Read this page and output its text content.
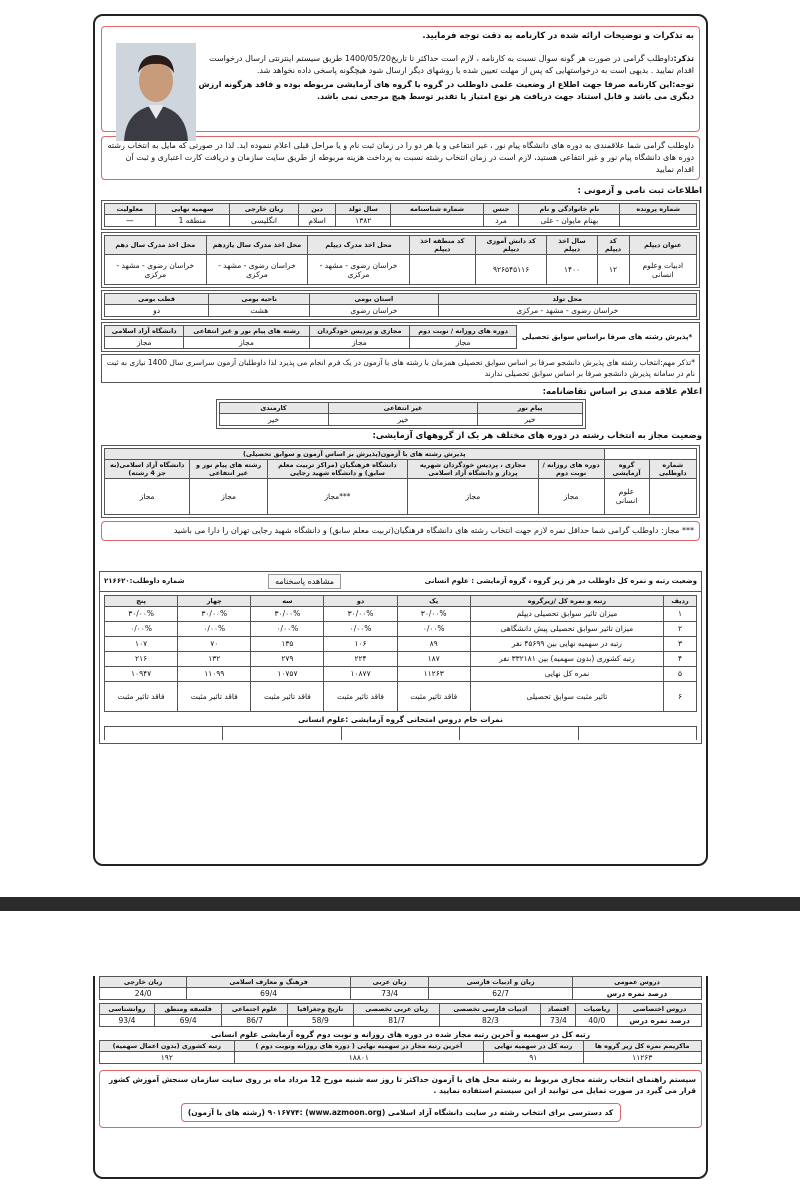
به تذکرات و توضیحات ارائه شده در کارنامه به دقت توجه فرمایید.
تذکر:داوطلب گرامی در صورت هر گونه سوال نسبت به کارنامه ، لازم است حداکثر تا تاریخ1400/05/20 طریق سیستم اینترنتی ارسال درخواست اقدام نمایید . بدیهی است به درخواستهایی که پس از مهلت تعیین شده یا روشهای دیگر ارسال شود هیچگونه پاسخی داده نخواهد شد.
توجه:این کارنامه صرفا جهت اطلاع از وضعیت علمی داوطلب در گروه یا گروه های آزمایشی مربوطه بوده و فاقد هرگونه ارزش دیگری می باشد و قابل استناد جهت دریافت هر نوع امتیاز یا تقدیر توسط هیچ مرجعی نمی باشد.
داوطلب گرامی شما علاقمندی به دوره های دانشگاه پیام نور ، غیر انتفاعی و یا هر دو را در زمان ثبت نام و یا مراحل قبلی اعلام ننموده اید. لذا در صورتی که مایل به انتخاب رشته دوره های دانشگاه پیام نور و غیر انتفاعی هستید، لازم است در زمان انتخاب رشته نسبت به پرداخت هزینه مربوطه از طریق سایت سازمان و دریافت کارت اعتباری و ثبت آن اقدام نمایید
اطلاعات ثبت نامی و آزمونی :
شماره پرونده	نام خانوادگی و نام	جنس	شماره شناسنامه	سال تولد	دین	زبان خارجی	سهمیه نهایی	معلولیت
	بهنام مایوان - علی	مرد		۱۳۸۲	اسلام	انگلیسی	منطقه 1	—
عنوان دیپلم	کد دیپلم	سال اخذ دیپلم	کد دانش آموزی دیپلم	کد منطقه اخذ دیپلم	محل اخذ مدرک دیپلم	محل اخذ مدرک سال یازدهم	محل اخذ مدرک سال دهم
ادبیات وعلوم انسانی	۱۲	۱۴۰۰	۹۲۶۵۴۵۱۱۶		خراسان رضوی - مشهد - مرکزی	خراسان رضوی - مشهد - مرکزی	خراسان رضوی - مشهد - مرکزی
محل تولد	استان بومی	ناحیه بومی	قطب بومی
خراسان رضوی - مشهد - مرکزی	خراسان رضوی	هشت	دو
*پذیرش رشته های صرفا براساس سوابق تحصیلی
دوره های روزانه / نوبت دوم	مجازی و پردیس خودگردان	رشته های پیام نور و غیر انتفاعی	دانشگاه آزاد اسلامی
مجاز	مجاز	مجاز	مجاز
*تذکر مهم:انتخاب رشته های پذیرش دانشجو صرفا بر اساس سوابق تحصیلی همزمان با رشته های با آزمون در یک فرم انجام می پذیرد لذا داوطلبان آزمون سراسری سال 1400 نیازی به ثبت نام در سامانه پذیرش دانشجو صرفا بر اساس سوابق تحصیلی ندارند
اعلام علاقه مندی بر اساس تقاضانامه:
پیام نور	غیر انتفاعی	کارمندی
خیر	خیر	خیر
وضعیت مجاز به انتخاب رشته در دوره های مختلف هر یک از گروههای آزمایشی:
		پذیرش رشته های با آزمون(پذیرش بر اساس آزمون و سوابق تحصیلی)				
شماره داوطلبی	گروه آزمایشی	دوره های روزانه / نوبت دوم	مجازی ، پردیس خودگردان شهریه پرداز و دانشگاه آزاد اسلامی	دانشگاه فرهنگیان (مراکز تربیت معلم سابق) و دانشگاه شهید رجایی	رشته های پیام نور و غیر انتفاعی	دانشگاه آزاد اسلامی(به جز 4 رشته)
	علوم انسانی	مجاز	مجاز	***مجاز	مجاز	مجاز
*** مجاز: داوطلب گرامی شما حداقل نمره لازم جهت انتخاب رشته های دانشگاه فرهنگیان(تربیت معلم سابق) و دانشگاه شهید رجایی تهران را دارا می باشید
وضعیت رتبه و نمره کل داوطلب در هر زیر گروه ، گروه آزمایشی : علوم انسانی
مشاهده پاسخنامه
شماره داوطلب:۲۱۶۶۲۰
ردیف	رتبه و نمره کل /زیرگروه	یک	دو	سه	چهار	پنج
۱	میزان تاثیر سوابق تحصیلی دیپلم	۳۰/۰۰%	۳۰/۰۰%	۳۰/۰۰%	۳۰/۰۰%	۳۰/۰۰%
۲	میزان تاثیر سوابق تحصیلی پیش دانشگاهی	۰/۰۰%	۰/۰۰%	۰/۰۰%	۰/۰۰%	۰/۰۰%
۳	رتبه در سهمیه نهایی بین ۴۵۶۹۹ نفر	۸۹	۱۰۶	۱۳۵	۷۰	۱۰۷
۴	رتبه کشوری (بدون سهمیه) بین ۳۳۲۱۸۱ نفر	۱۸۷	۲۲۴	۲۷۹	۱۳۲	۲۱۶
۵	نمره کل نهایی	۱۱۲۶۳	۱۰۸۷۷	۱۰۷۵۷	۱۱۰۹۹	۱۰۹۴۷
۶	تاثیر مثبت سوابق تحصیلی	فاقد تاثیر مثبت	فاقد تاثیر مثبت	فاقد تاثیر مثبت	فاقد تاثیر مثبت	فاقد تاثیر مثبت
نمرات خام دروس امتحانی گروه آزمایشی :علوم انسانی

دروس عمومی	زبان و ادبیات فارسی	زبان عربی	فرهنگ و معارف اسلامی	زبان خارجی
درصد نمره درس	62/7	73/4	69/4	24/0
دروس اختصاصی	ریاضیات	اقتصاد	ادبیات فارسی تخصصی	زبان عربی تخصصی	تاریخ وجغرافیا	علوم اجتماعی	فلسفه ومنطق	روانشناسی
درصد نمره درس	40/0	73/4	82/3	81/7	58/9	86/7	69/4	93/4
رتبه کل در سهمیه و آخرین رتبه مجاز شده در دوره های روزانه و نوبت دوم گروه آزمایشی علوم انسانی
ماکزیمم نمره کل زیر گروه ها	رتبه کل در سهمیه نهایی	آخرین رتبه مجاز در سهمیه نهایی ( دوره های روزانه ونوبت دوم )	رتبه کشوری (بدون اعمال سهمیه)
۱۱۲۶۳	۹۱	۱۸۸۰۱	۱۹۲
سیستم راهنمای انتخاب رشته مجازی مربوط به رشته محل های با آزمون حداکثر تا روز سه شنبه مورخ 12 مرداد ماه بر روی سایت سازمان سنجش آموزش کشور قرار می گیرد در صورت تمایل می توانید از این سیستم استفاده نمایید .
کد دسترسی برای انتخاب رشته در سایت دانشگاه آزاد اسلامی (www.azmoon.org) :۹۰۱۶۷۷۴ (رشته های با آزمون)
